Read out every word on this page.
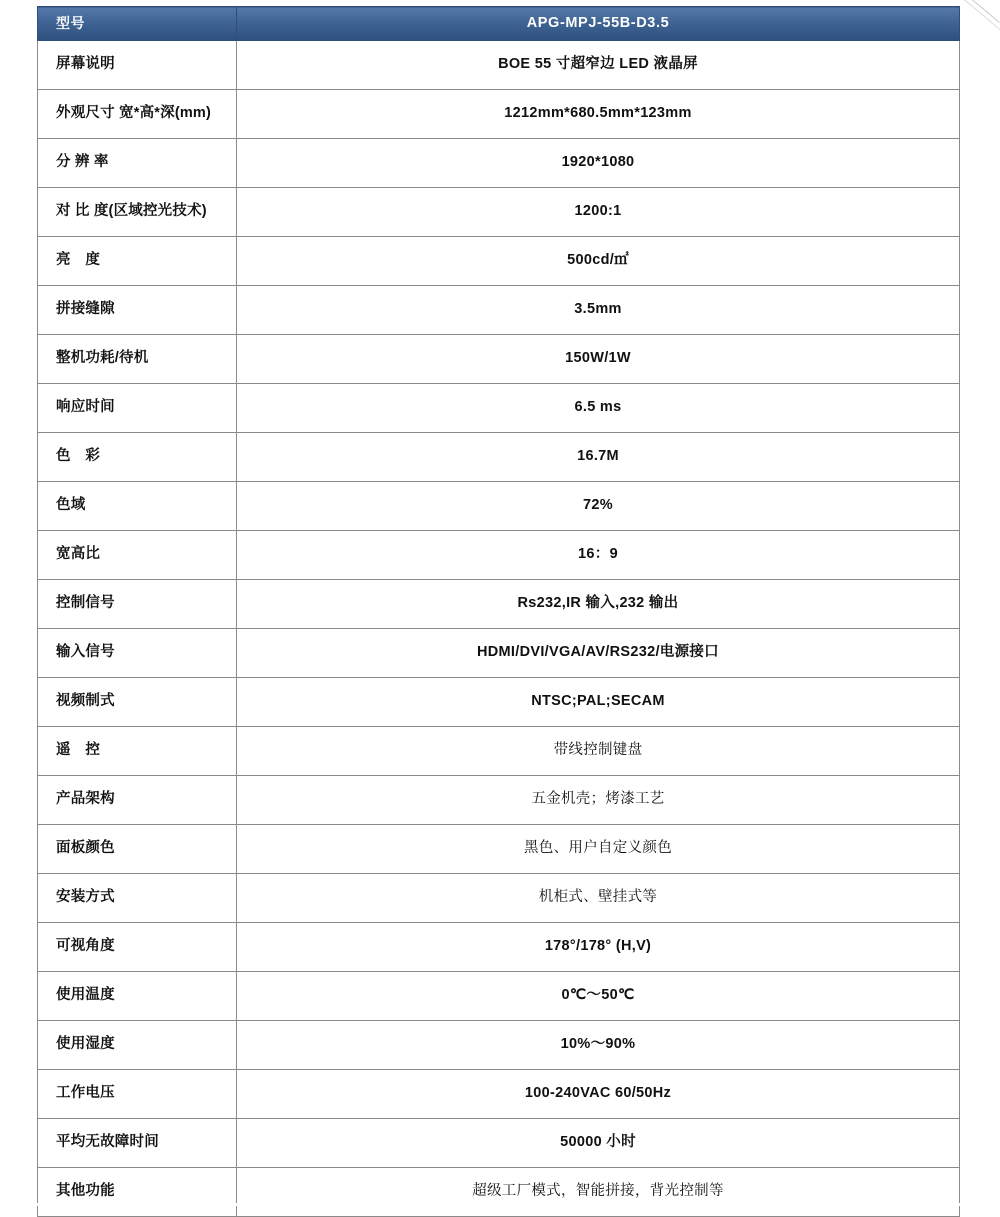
型号	APG-MPJ-55B-D3.5
屏幕说明	BOE 55 寸超窄边 LED 液晶屏
外观尺寸 宽*高*深(mm)	1212mm*680.5mm*123mm
分 辨 率	1920*1080
对 比 度(区域控光技术)	1200:1
亮　度	500cd/㎡
拼接缝隙	3.5mm
整机功耗/待机	150W/1W
响应时间	6.5 ms
色　彩	16.7M
色域	72%
宽高比	16：9
控制信号	Rs232,IR 输入,232 输出
输入信号	HDMI/DVI/VGA/AV/RS232/电源接口
视频制式	NTSC;PAL;SECAM
遥　控	带线控制键盘
产品架构	五金机壳；烤漆工艺
面板颜色	黑色、用户自定义颜色
安装方式	机柜式、壁挂式等
可视角度	178°/178° (H,V)
使用温度	0℃～50℃
使用湿度	10%～90%
工作电压	100-240VAC 60/50Hz
平均无故障时间	50000 小时
其他功能	超级工厂模式，智能拼接，背光控制等
